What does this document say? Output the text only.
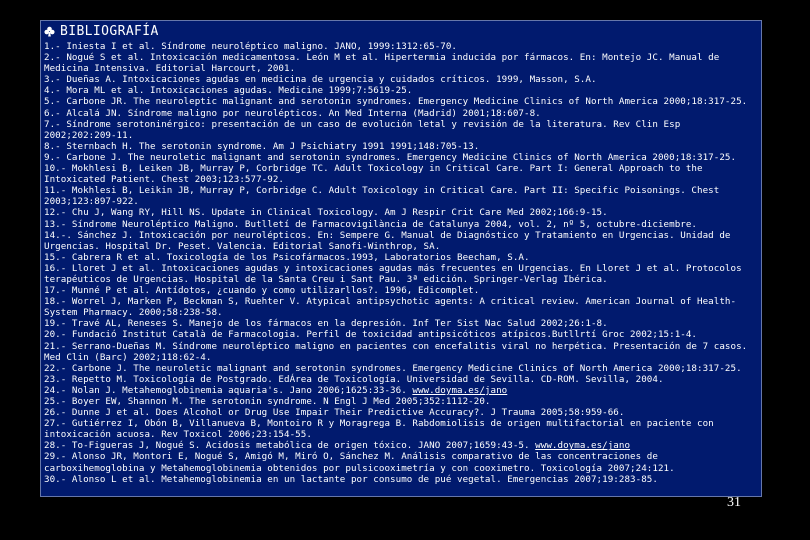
BIBLIOGRAFÍA
1.- Iniesta I et al. Síndrome neuroléptico maligno. JANO, 1999:1312:65-70.
2.- Nogué S et al. Intoxicación medicamentosa. León M et al. Hipertermia inducida por fármacos. En: Montejo JC. Manual de Medicina Intensiva. Editorial Harcourt, 2001.
3.- Dueñas A. Intoxicaciones agudas en medicina de urgencia y cuidados críticos. 1999, Masson, S.A.
4.- Mora ML et al. Intoxicaciones agudas. Medicine 1999;7:5619-25.
5.- Carbone JR. The neuroleptic malignant and serotonin syndromes. Emergency Medicine Clinics of North America 2000;18:317-25.
6.- Alcalá JN. Síndrome maligno por neurolépticos. An Med Interna (Madrid) 2001;18:607-8.
7.- Síndrome serotoninérgico: presentación de un caso de evolución letal y revisión de la literatura. Rev Clin Esp 2002;202:209-11.
8.- Sternbach H. The serotonin syndrome. Am J Psichiatry 1991 1991;148:705-13.
9.- Carbone J. The neuroletic malignant and serotonin syndromes. Emergency Medicine Clinics of North America 2000;18:317-25.
10.- Mokhlesi B, Leiken JB, Murray P, Corbridge TC. Adult Toxicology in Critical Care. Part I: General Approach to the Intoxicated Patient. Chest 2003;123:577-92.
11.- Mokhlesi B, Leikin JB, Murray P, Corbridge C. Adult Toxicology in Critical Care. Part II: Specific Poisonings. Chest 2003;123:897-922.
12.- Chu J, Wang RY, Hill NS. Update in Clinical Toxicology. Am J Respir Crit Care Med 2002;166:9-15.
13.- Síndrome Neuroléptico Maligno. Butlletí de Farmacovigilància de Catalunya 2004, vol. 2, nº 5, octubre-diciembre.
14.-. Sánchez J. Intoxicación por neurolépticos. En: Sempere G. Manual de Diagnóstico y Tratamiento en Urgencias. Unidad de Urgencias. Hospital Dr. Peset. Valencia. Editorial Sanofi-Winthrop, SA.
15.- Cabrera R et al. Toxicología de los Psicofármacos.1993, Laboratorios Beecham, S.A.
16.- Lloret J et al. Intoxicaciones agudas y intoxicaciones agudas más frecuentes en Urgencias. En Lloret J et al. Protocolos terapéuticos de Urgencias. Hospital de la Santa Creu i Sant Pau. 3ª edición. Springer-Verlag Ibérica.
17.- Munné P et al. Antídotos, ¿cuando y como utilizarllos?. 1996, Edicomplet.
18.- Worrel J, Marken P, Beckman S, Ruehter V. Atypical antipsychotic agents: A critical review. American Journal of Health-System Pharmacy. 2000;58:238-58.
19.- Travé AL, Reneses S. Manejo de los fármacos en la depresión. Inf Ter Sist Nac Salud 2002;26:1-8.
20.- Fundació Institut Català de Farmacologia. Perfil de toxicidad antipsicóticos atípicos.Butllrtí Groc 2002;15:1-4.
21.- Serrano-Dueñas M. Síndrome neuroléptico maligno en pacientes con encefalitis viral no herpética. Presentación de 7 casos. Med Clin (Barc) 2002;118:62-4.
22.- Carbone J. The neuroletic malignant and serotonin syndromes. Emergency Medicine Clinics of North America 2000;18:317-25.
23.- Repetto M. Toxicología de Postgrado. EdÁrea de Toxicología. Universidad de Sevilla. CD-ROM. Sevilla, 2004.
24.- Nolan J. Metahemoglobinemia aquaria's. Jano 2006;1625:33-36. www.doyma.es/jano
25.- Boyer EW, Shannon M. The serotonin syndrome. N Engl J Med 2005;352:1112-20.
26.- Dunne J et al. Does Alcohol or Drug Use Impair Their Predictive Accuracy?. J Trauma 2005;58:959-66.
27.- Gutiérrez I, Obón B, Villanueva B, Montoiro R y Moragrega B. Rabdomiolisis de origen multifactorial en paciente con intoxicación acuosa. Rev Toxicol 2006;23:154-55.
28.- To-Figueras J, Nogué S. Acidosis metabólica de origen tóxico. JANO 2007;1659:43-5. www.doyma.es/jano
29.- Alonso JR, Montori E, Nogué S, Amigó M, Miró O, Sánchez M. Análisis comparativo de las concentraciones de carboxihemoglobina y Metahemoglobinemia obtenidos por pulsicooximetría y con cooximetro. Toxicología 2007;24:121.
30.- Alonso L et al. Metahemoglobinemia en un lactante por consumo de pué vegetal. Emergencias 2007;19:283-85.
31
